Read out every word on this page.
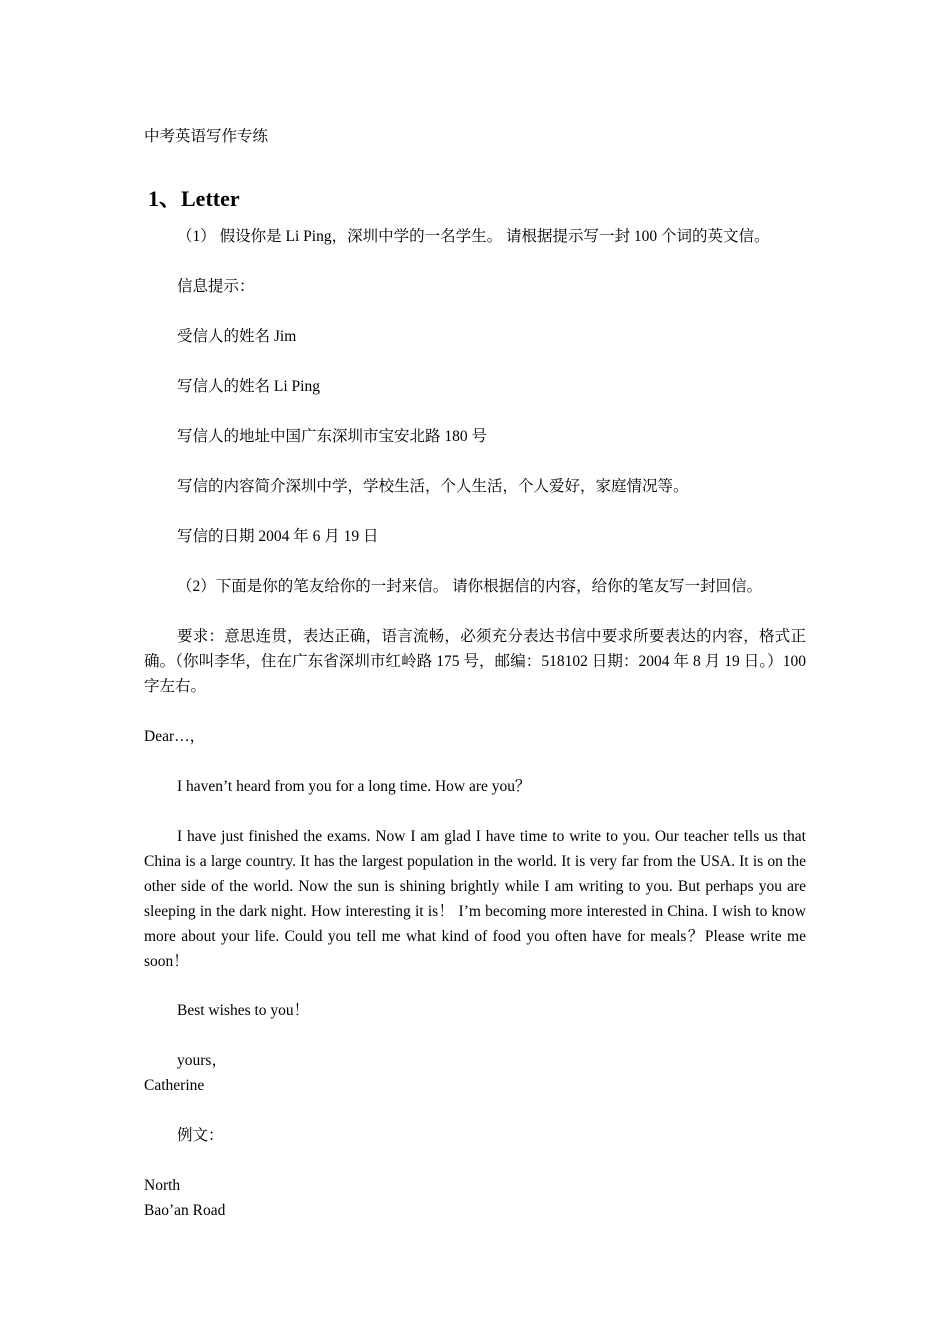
中考英语写作专练

1、Letter

（1） 假设你是 Li Ping，深圳中学的一名学生。 请根据提示写一封 100 个词的英文信。

信息提示：

受信人的姓名 Jim

写信人的姓名 Li Ping

写信人的地址中国广东深圳市宝安北路 180 号

写信的内容简介深圳中学，学校生活，个人生活，个人爱好，家庭情况等。

写信的日期 2004 年 6 月 19 日

（2）下面是你的笔友给你的一封来信。 请你根据信的内容，给你的笔友写一封回信。

要求：意思连贯，表达正确，语言流畅，必须充分表达书信中要求所要表达的内容，格式正确。（你叫李华，住在广东省深圳市红岭路 175 号，邮编：518102 日期：2004 年 8 月 19 日。）100 字左右。

Dear…，

I haven’t heard from you for a long time. How are you？

I have just finished the exams. Now I am glad I have time to write to you. Our teacher tells us that China is a large country. It has the largest population in the world. It is very far from the USA. It is on the other side of the world. Now the sun is shining brightly while I am writing to you. But perhaps you are sleeping in the dark night. How interesting it is！ I’m becoming more interested in China. I wish to know more about your life. Could you tell me what kind of food you often have for meals？Please write me soon！

Best wishes to you！

yours，

Catherine

例文：

North
Bao’an Road
